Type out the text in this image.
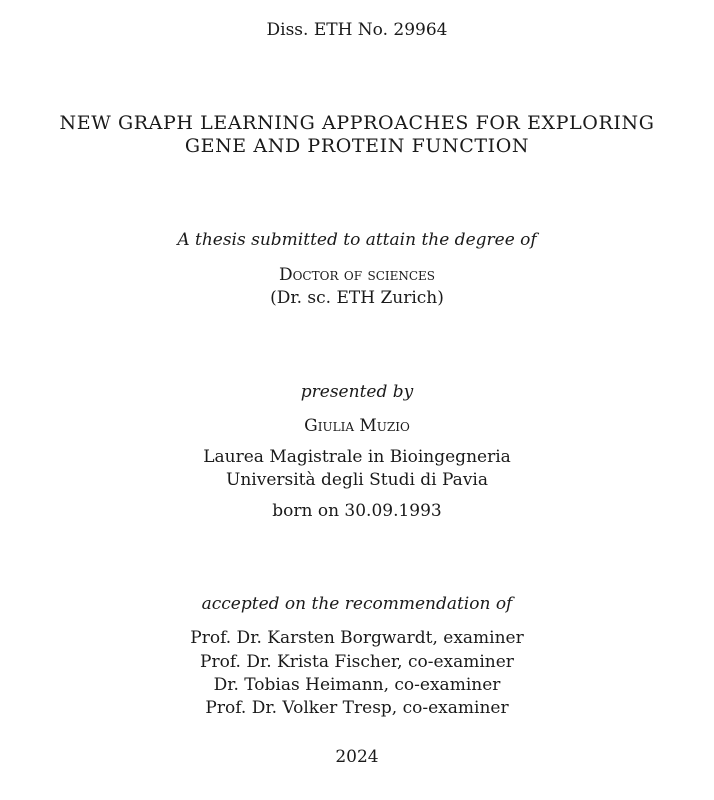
Diss. ETH No. 29964
NEW GRAPH LEARNING APPROACHES FOR EXPLORING
GENE AND PROTEIN FUNCTION
A thesis submitted to attain the degree of
Doctor of sciences
(Dr. sc. ETH Zurich)
presented by
Giulia Muzio
Laurea Magistrale in Bioingegneria
Università degli Studi di Pavia
born on 30.09.1993
accepted on the recommendation of
Prof. Dr. Karsten Borgwardt, examiner
Prof. Dr. Krista Fischer, co-examiner
Dr. Tobias Heimann, co-examiner
Prof. Dr. Volker Tresp, co-examiner
2024
